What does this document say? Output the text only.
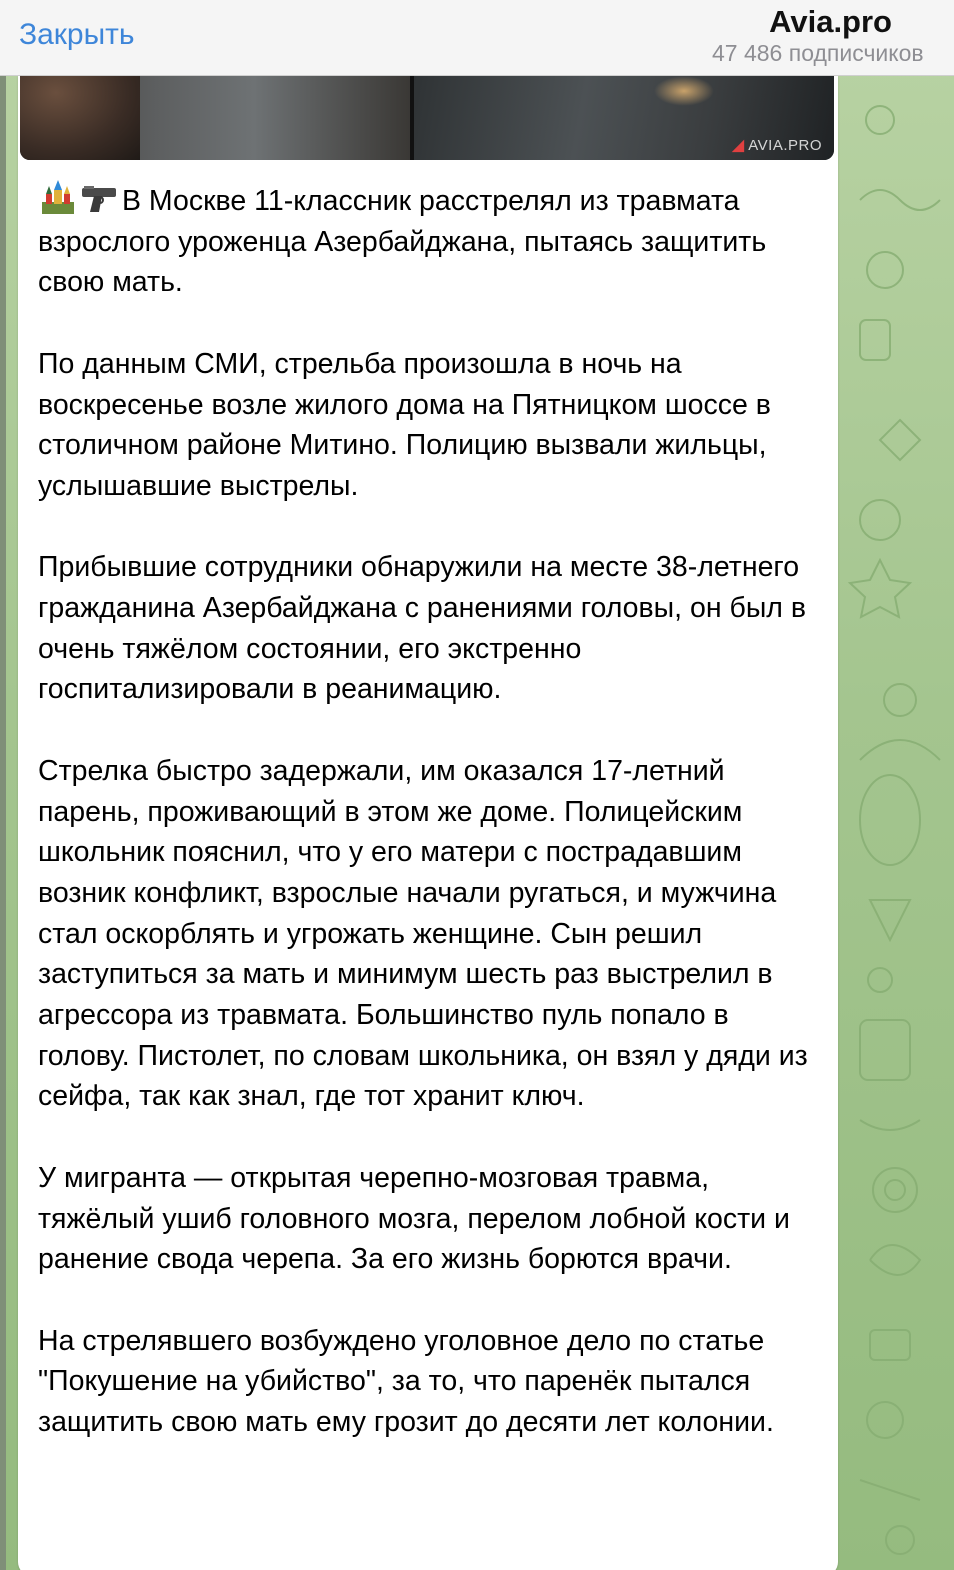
◢ AVIA.PRO

В Москве 11-классник расстрелял из травмата взрослого уроженца Азербайджана, пытаясь защитить свою мать.

По данным СМИ, стрельба произошла в ночь на воскресенье возле жилого дома на Пятницком шоссе в столичном районе Митино. Полицию вызвали жильцы, услышавшие выстрелы.

Прибывшие сотрудники обнаружили на месте 38-летнего гражданина Азербайджана с ранениями головы, он был в очень тяжёлом состоянии, его экстренно госпитализировали в реанимацию.

Стрелка быстро задержали, им оказался 17-летний парень, проживающий в этом же доме. Полицейским школьник пояснил, что у его матери с пострадавшим возник конфликт, взрослые начали ругаться, и мужчина стал оскорблять и угрожать женщине. Сын решил заступиться за мать и минимум шесть раз выстрелил в агрессора из травмата. Большинство пуль попало в голову. Пистолет, по словам школьника, он взял у дяди из сейфа, так как знал, где тот хранит ключ.

У мигранта — открытая черепно-мозговая травма, тяжёлый ушиб головного мозга, перелом лобной кости и ранение свода черепа. За его жизнь борются врачи.

На стрелявшего возбуждено уголовное дело по статье "Покушение на убийство", за то, что паренёк пытался защитить свою мать ему грозит до десяти лет колонии.

Закрыть	Avia.pro
47 486 подписчиков
